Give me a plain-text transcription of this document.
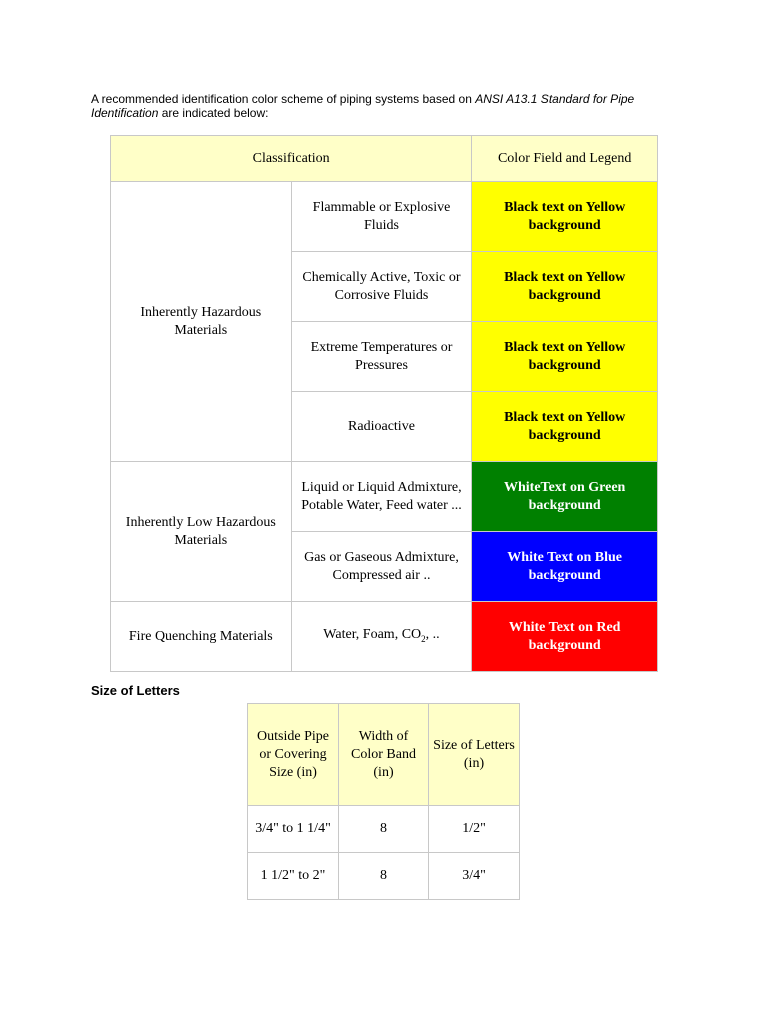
A recommended identification color scheme of piping systems based on ANSI A13.1 Standard for Pipe Identification are indicated below:

Classification		Color Field and Legend
Inherently Hazardous Materials	Flammable or Explosive Fluids	Black text on Yellow background
	Chemically Active, Toxic or Corrosive Fluids	Black text on Yellow background
	Extreme Temperatures or Pressures	Black text on Yellow background
	Radioactive	Black text on Yellow background
Inherently Low Hazardous Materials	Liquid or Liquid Admixture, Potable Water, Feed water ...	WhiteText on Green background
	Gas or Gaseous Admixture, Compressed air ..	White Text on Blue background
Fire Quenching Materials	Water, Foam, $CO_2$, ..	White Text on Red background
Size of Letters
Outside Pipe or Covering Size (in)	Width of Color Band (in)	Size of Letters (in)
3/4" to 1 1/4"	8	1/2"
1 1/2" to 2"	8	3/4"
